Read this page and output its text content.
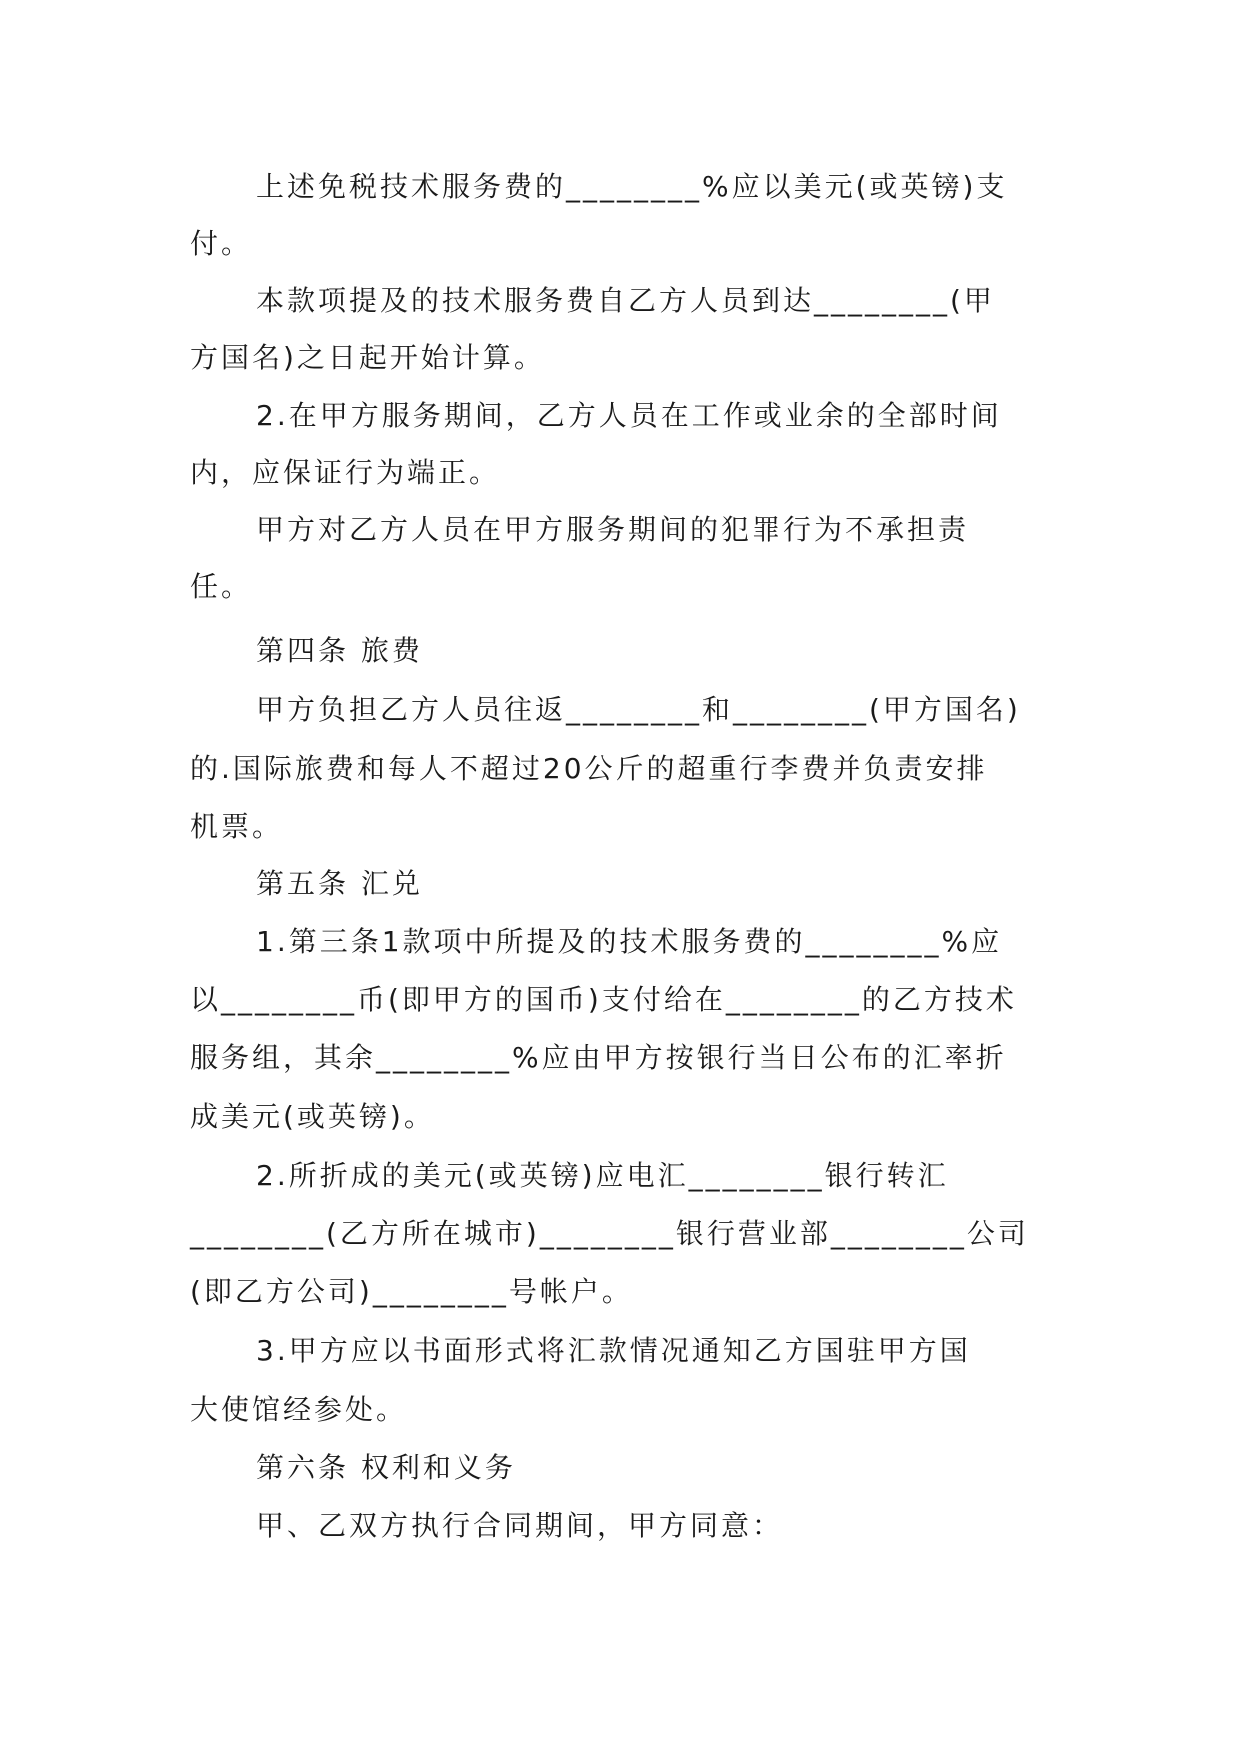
上述免税技术服务费的________%应以美元(或英镑)支

付。

本款项提及的技术服务费自乙方人员到达________(甲

方国名)之日起开始计算。

2.在甲方服务期间，乙方人员在工作或业余的全部时间

内，应保证行为端正。

甲方对乙方人员在甲方服务期间的犯罪行为不承担责

任。

第四条 旅费

甲方负担乙方人员往返________和________(甲方国名)

的.国际旅费和每人不超过20公斤的超重行李费并负责安排

机票。

第五条 汇兑

1.第三条1款项中所提及的技术服务费的________%应

以________币(即甲方的国币)支付给在________的乙方技术

服务组，其余________%应由甲方按银行当日公布的汇率折

成美元(或英镑)。

2.所折成的美元(或英镑)应电汇________银行转汇

________(乙方所在城市)________银行营业部________公司

(即乙方公司)________号帐户。

3.甲方应以书面形式将汇款情况通知乙方国驻甲方国

大使馆经参处。

第六条 权利和义务

甲、乙双方执行合同期间，甲方同意：
